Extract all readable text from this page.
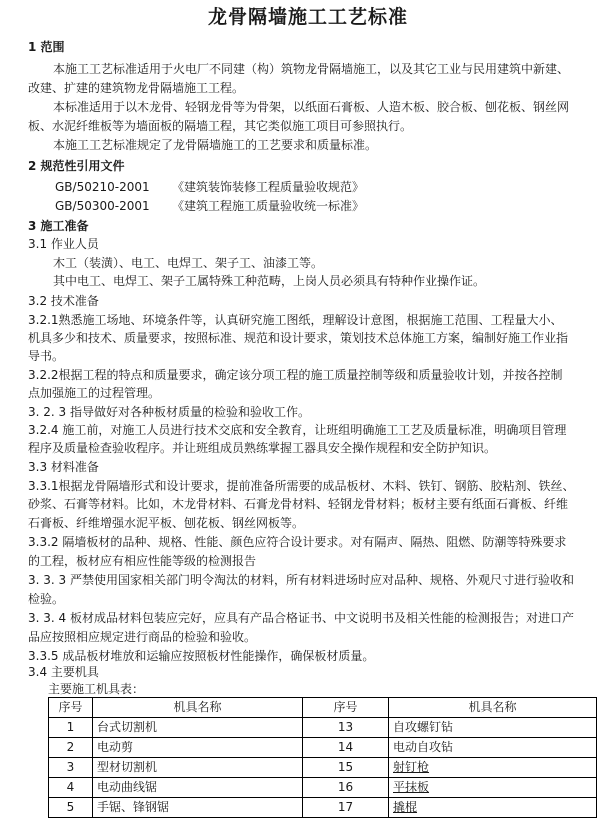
龙骨隔墙施工工艺标准
1 范围
本施工工艺标准适用于火电厂不同建（构）筑物龙骨隔墙施工，以及其它工业与民用建筑中新建、
改建、扩建的建筑物龙骨隔墙施工工程。
本标准适用于以木龙骨、轻钢龙骨等为骨架，以纸面石膏板、人造木板、胶合板、刨花板、钢丝网
板、水泥纤维板等为墙面板的隔墙工程，其它类似施工项目可参照执行。
本施工工艺标准规定了龙骨隔墙施工的工艺要求和质量标准。
2 规范性引用文件
GB/50210-2001 《建筑装饰装修工程质量验收规范》
GB/50300-2001 《建筑工程施工质量验收统一标准》
3 施工准备
3.1 作业人员
木工（装潢）、电工、电焊工、架子工、油漆工等。
其中电工、电焊工、架子工属特殊工种范畴，上岗人员必须具有特种作业操作证。
3.2 技术准备
3.2.1熟悉施工场地、环境条件等，认真研究施工图纸，理解设计意图，根据施工范围、工程量大小、
机具多少和技术、质量要求，按照标准、规范和设计要求，策划技术总体施工方案，编制好施工作业指
导书。
3.2.2根据工程的特点和质量要求，确定该分项工程的施工质量控制等级和质量验收计划，并按各控制
点加强施工的过程管理。
3. 2. 3 指导做好对各种板材质量的检验和验收工作。
3.2.4 施工前，对施工人员进行技术交底和安全教育，让班组明确施工工艺及质量标准，明确项目管理
程序及质量检查验收程序。并让班组成员熟练掌握工器具安全操作规程和安全防护知识。
3.3 材料准备
3.3.1根据龙骨隔墙形式和设计要求，提前准备所需要的成品板材、木料、铁钉、钢筋、胶粘剂、铁丝、
砂浆、石膏等材料。比如，木龙骨材料、石膏龙骨材料、轻钢龙骨材料；板材主要有纸面石膏板、纤维
石膏板、纤维增强水泥平板、刨花板、钢丝网板等。
3.3.2 隔墙板材的品种、规格、性能、颜色应符合设计要求。对有隔声、隔热、阻燃、防潮等特殊要求
的工程，板材应有相应性能等级的检测报告
3. 3. 3 严禁使用国家相关部门明令淘汰的材料，所有材料进场时应对品种、规格、外观尺寸进行验收和
检验。
3. 3. 4 板材成品材料包装应完好，应具有产品合格证书、中文说明书及相关性能的检测报告；对进口产
品应按照相应规定进行商品的检验和验收。
3.3.5 成品板材堆放和运输应按照板材性能操作，确保板材质量。
3.4 主要机具
主要施工机具表：
序号	机具名称	序号	机具名称
1	台式切割机	13	自攻螺钉钻
2	电动剪	14	电动自攻钻
3	型材切割机	15	射钉枪
4	电动曲线锯	16	平抹板
5	手锯、锋钢锯	17	撬棍
